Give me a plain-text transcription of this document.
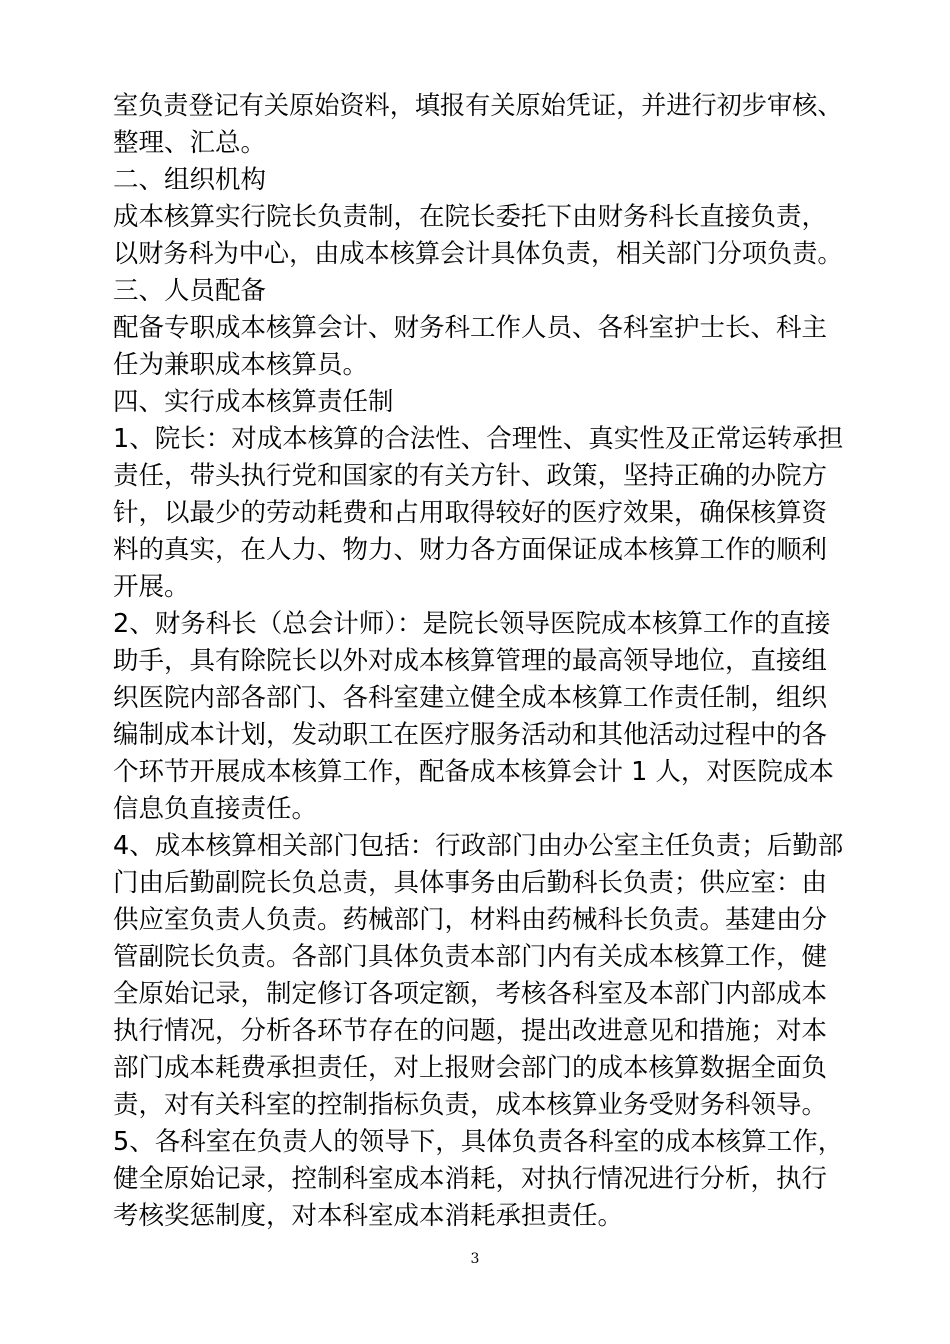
室负责登记有关原始资料，填报有关原始凭证，并进行初步审核、
整理、汇总。
二、组织机构
成本核算实行院长负责制，在院长委托下由财务科长直接负责，
以财务科为中心，由成本核算会计具体负责，相关部门分项负责。
三、人员配备
配备专职成本核算会计、财务科工作人员、各科室护士长、科主
任为兼职成本核算员。
四、实行成本核算责任制
1、院长：对成本核算的合法性、合理性、真实性及正常运转承担
责任，带头执行党和国家的有关方针、政策，坚持正确的办院方
针，以最少的劳动耗费和占用取得较好的医疗效果，确保核算资
料的真实，在人力、物力、财力各方面保证成本核算工作的顺利
开展。
2、财务科长（总会计师）：是院长领导医院成本核算工作的直接
助手，具有除院长以外对成本核算管理的最高领导地位，直接组
织医院内部各部门、各科室建立健全成本核算工作责任制，组织
编制成本计划，发动职工在医疗服务活动和其他活动过程中的各
个环节开展成本核算工作，配备成本核算会计 1 人，对医院成本
信息负直接责任。
4、成本核算相关部门包括：行政部门由办公室主任负责；后勤部
门由后勤副院长负总责，具体事务由后勤科长负责；供应室：由
供应室负责人负责。药械部门，材料由药械科长负责。基建由分
管副院长负责。各部门具体负责本部门内有关成本核算工作，健
全原始记录，制定修订各项定额，考核各科室及本部门内部成本
执行情况，分析各环节存在的问题，提出改进意见和措施；对本
部门成本耗费承担责任，对上报财会部门的成本核算数据全面负
责，对有关科室的控制指标负责，成本核算业务受财务科领导。
5、各科室在负责人的领导下，具体负责各科室的成本核算工作，
健全原始记录，控制科室成本消耗，对执行情况进行分析，执行
考核奖惩制度，对本科室成本消耗承担责任。
3
